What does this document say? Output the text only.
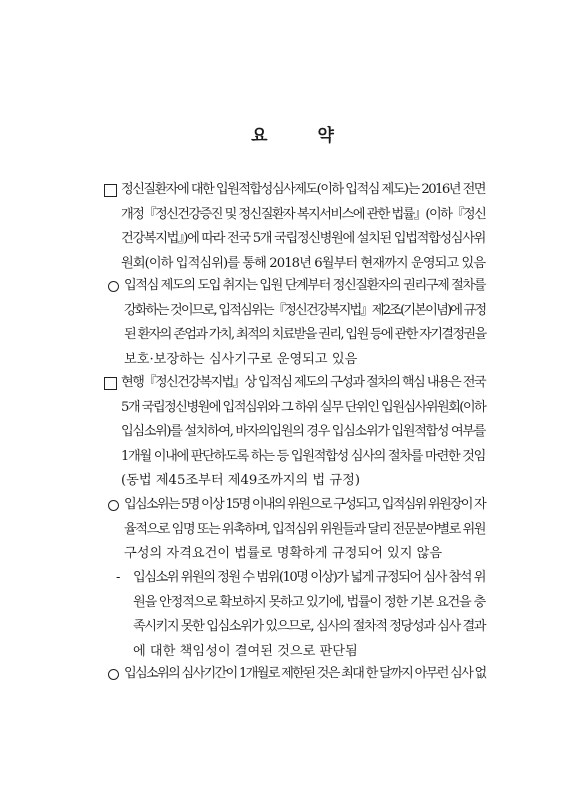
요 약
정신질환자에 대한 입원적합성심사제도(이하 입적심 제도)는 2016년 전면
개정『정신건강증진 및 정신질환자 복지서비스에 관한 법률』(이하『정신
건강복지법』)에 따라 전국 5개 국립정신병원에 설치된 입법적합성심사위
원회(이하 입적심위)를 통해 2018년 6월부터 현재까지 운영되고 있음
입적심 제도의 도입 취지는 입원 단계부터 정신질환자의 권리구제 절차를
강화하는 것이므로, 입적심위는『정신건강복지법』제2조(기본이념)에 규정
된 환자의 존엄과 가치, 최적의 치료받을 권리, 입원 등에 관한 자기결정권을
보호·보장하는 심사기구로 운영되고 있음
현행『정신건강복지법』상 입적심 제도의 구성과 절차의 핵심 내용은 전국
5개 국립정신병원에 입적심위와 그 하위 실무 단위인 입원심사위원회(이하
입심소위)를 설치하여, 바자의입원의 경우 입심소위가 입원적합성 여부를
1개월 이내에 판단하도록 하는 등 입원적합성 심사의 절차를 마련한 것임
(동법 제45조부터 제49조까지의 법 규정)
입심소위는 5명 이상 15명 이내의 위원으로 구성되고, 입적심위 위원장이 자
율적으로 임명 또는 위촉하며, 입적심위 위원들과 달리 전문분야별로 위원
구성의 자격요건이 법률로 명확하게 규정되어 있지 않음
- 입심소위 위원의 정원 수 범위(10명 이상)가 넓게 규정되어 심사 참석 위
원을 안정적으로 확보하지 못하고 있기에, 법률이 정한 기본 요건을 충
족시키지 못한 입심소위가 있으므로, 심사의 절차적 정당성과 심사 결과
에 대한 책임성이 결여된 것으로 판단됨
입심소위의 심사기간이 1개월로 제한된 것은 최대 한 달까지 아무런 심사 없
